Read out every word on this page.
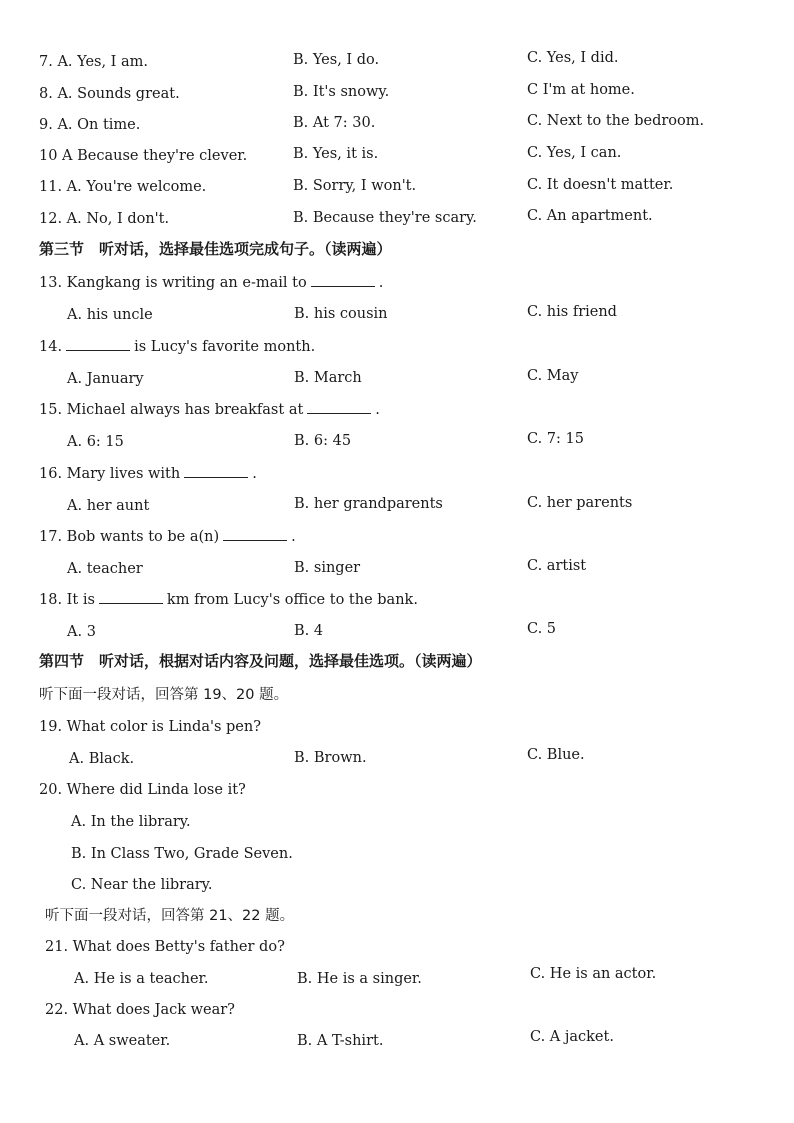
7. A. Yes, I am.	B. Yes, I do.	C. Yes, I did.
8. A. Sounds great.	B. It's snowy.	C I'm at home.
9. A. On time.	B. At 7: 30.	C. Next to the bedroom.
10 A Because they're clever.	B. Yes, it is.	C. Yes, I can.
11. A. You're welcome.	B. Sorry, I won't.	C. It doesn't matter.
12. A. No, I don't.	B. Because they're scary.	C. An apartment.
第三节　听对话，选择最佳选项完成句子。（读两遍）
13. Kangkang is writing an e-mail to	.
A. his uncle	B. his cousin	C. his friend
14.	is Lucy's favorite month.
A. January	B. March	C. May
15. Michael always has breakfast at	.
A. 6: 15	B. 6: 45	C. 7: 15
16. Mary lives with	.
A. her aunt	B. her grandparents	C. her parents
17. Bob wants to be a(n)	.
A. teacher	B. singer	C. artist
18. It is	km from Lucy's office to the bank.
A. 3	B. 4	C. 5
第四节　听对话，根据对话内容及问题，选择最佳选项。（读两遍）
听下面一段对话，回答第 19、20 题。
19. What color is Linda's pen?
A. Black.	B. Brown.	C. Blue.
20. Where did Linda lose it?
A. In the library.
B. In Class Two, Grade Seven.
C. Near the library.
听下面一段对话，回答第 21、22 题。
21. What does Betty's father do?
A. He is a teacher.	B. He is a singer.	C. He is an actor.
22. What does Jack wear?
A. A sweater.	B. A T-shirt.	C. A jacket.
